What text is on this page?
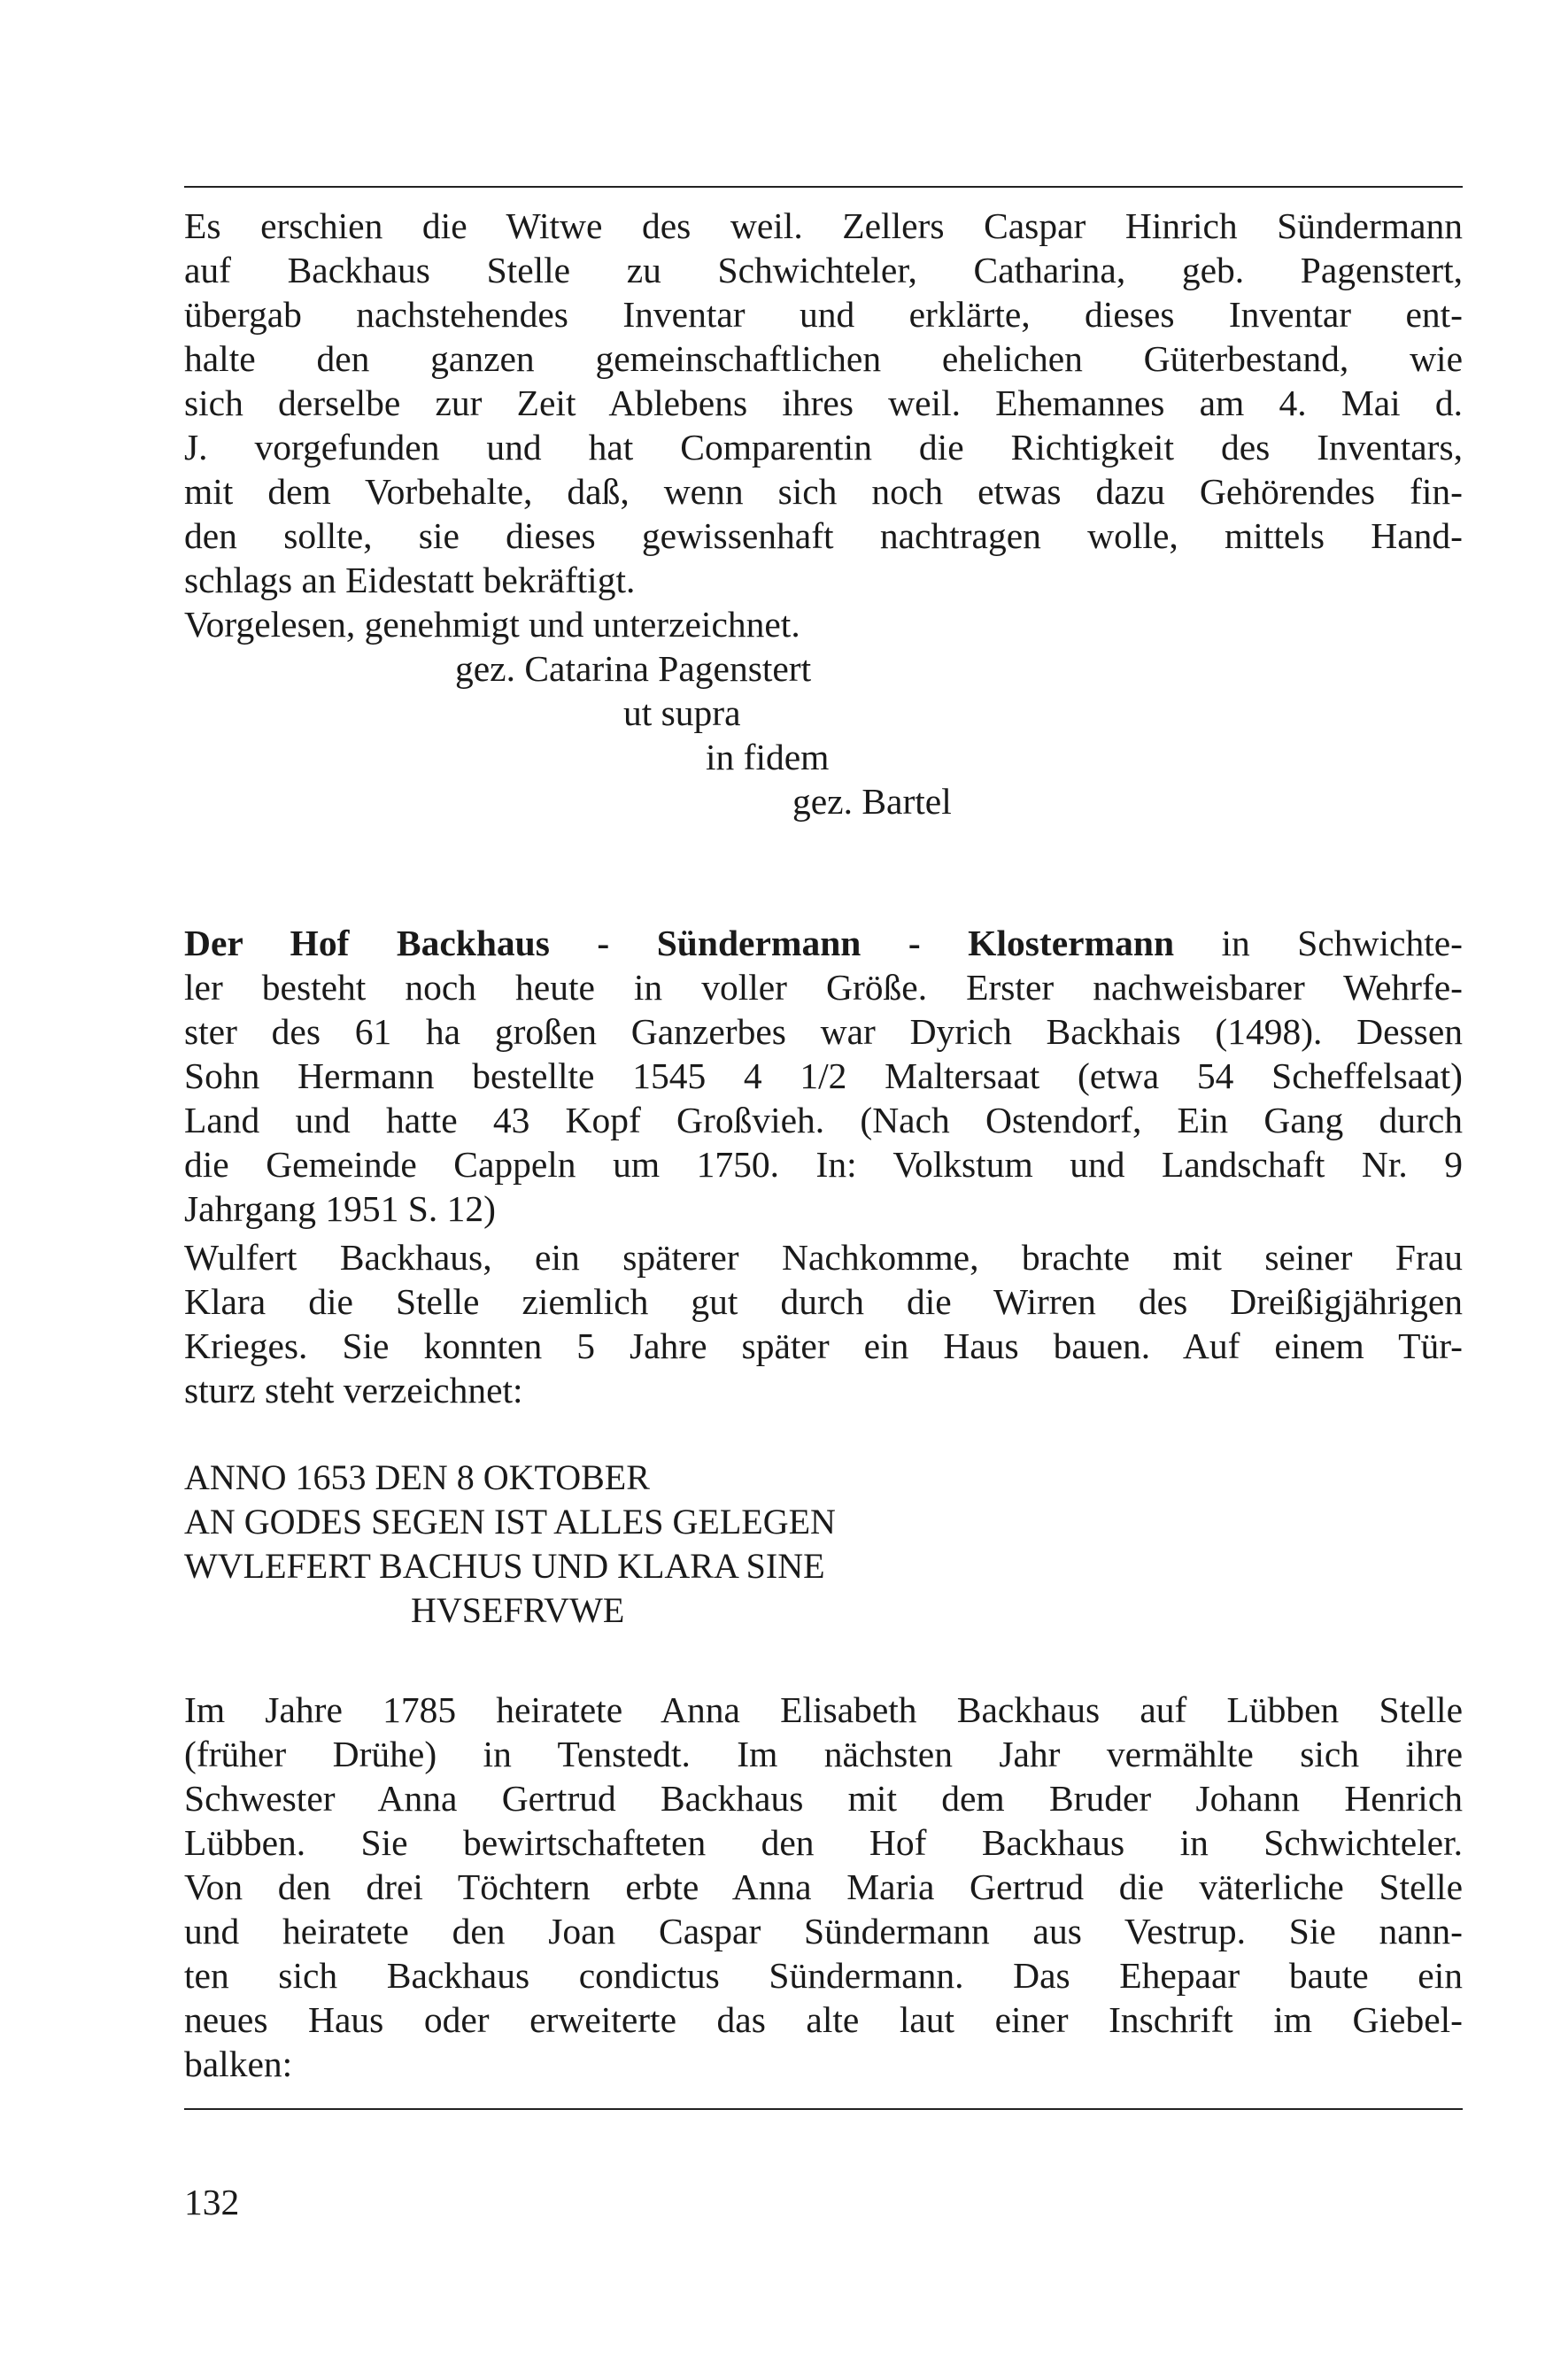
Es erschien die Witwe des weil. Zellers Caspar Hinrich Sündermann
auf Backhaus Stelle zu Schwichteler, Catharina, geb. Pagenstert,
übergab nachstehendes Inventar und erklärte, dieses Inventar ent-
halte den ganzen gemeinschaftlichen ehelichen Güterbestand, wie
sich derselbe zur Zeit Ablebens ihres weil. Ehemannes am 4. Mai d.
J. vorgefunden und hat Comparentin die Richtigkeit des Inventars,
mit dem Vorbehalte, daß, wenn sich noch etwas dazu Gehörendes fin-
den sollte, sie dieses gewissenhaft nachtragen wolle, mittels Hand-
schlags an Eidestatt bekräftigt.
Vorgelesen, genehmigt und unterzeichnet.
gez. Catarina Pagenstert
ut supra
in fidem
gez. Bartel
Der Hof Backhaus - Sündermann - Klostermann in Schwichte-
ler besteht noch heute in voller Größe. Erster nachweisbarer Wehrfe-
ster des 61 ha großen Ganzerbes war Dyrich Backhais (1498). Dessen
Sohn Hermann bestellte 1545 4 1/2 Maltersaat (etwa 54 Scheffelsaat)
Land und hatte 43 Kopf Großvieh. (Nach Ostendorf, Ein Gang durch
die Gemeinde Cappeln um 1750. In: Volkstum und Landschaft Nr. 9
Jahrgang 1951 S. 12)
Wulfert Backhaus, ein späterer Nachkomme, brachte mit seiner Frau
Klara die Stelle ziemlich gut durch die Wirren des Dreißigjährigen
Krieges. Sie konnten 5 Jahre später ein Haus bauen. Auf einem Tür-
sturz steht verzeichnet:
ANNO 1653 DEN 8 OKTOBER
AN GODES SEGEN IST ALLES GELEGEN
WVLEFERT BACHUS UND KLARA SINE
HVSEFRVWE
Im Jahre 1785 heiratete Anna Elisabeth Backhaus auf Lübben Stelle
(früher Drühe) in Tenstedt. Im nächsten Jahr vermählte sich ihre
Schwester Anna Gertrud Backhaus mit dem Bruder Johann Henrich
Lübben. Sie bewirtschafteten den Hof Backhaus in Schwichteler.
Von den drei Töchtern erbte Anna Maria Gertrud die väterliche Stelle
und heiratete den Joan Caspar Sündermann aus Vestrup. Sie nann-
ten sich Backhaus condictus Sündermann. Das Ehepaar baute ein
neues Haus oder erweiterte das alte laut einer Inschrift im Giebel-
balken:
132
